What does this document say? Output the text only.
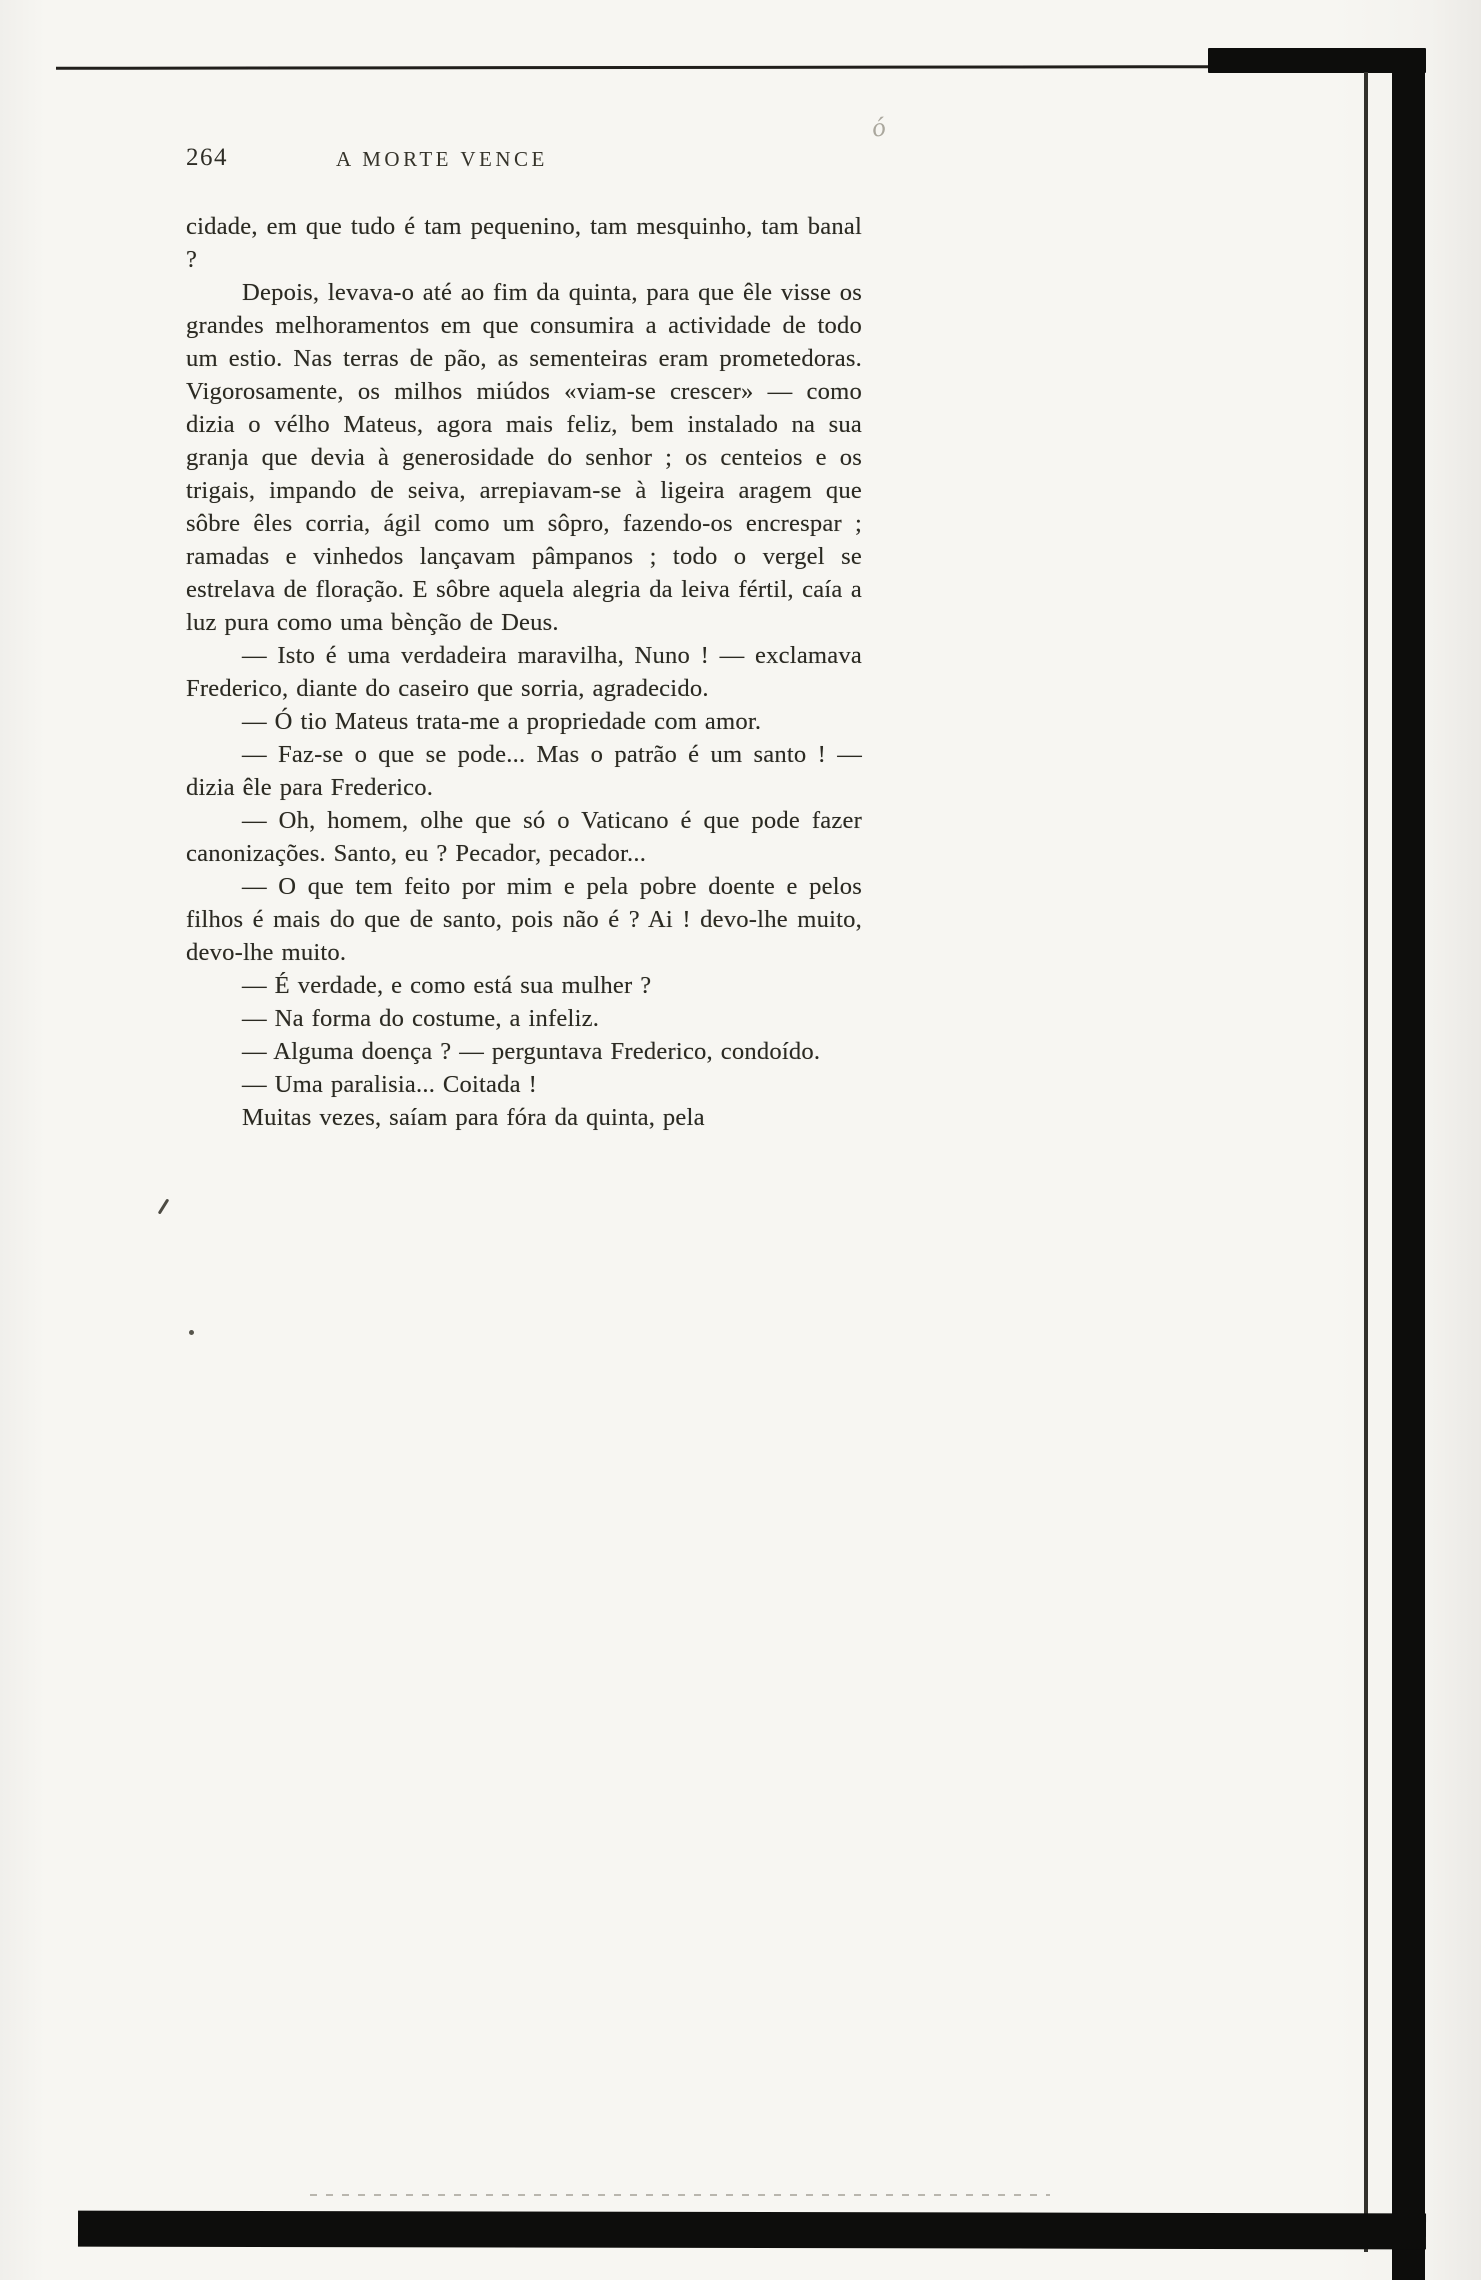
ó
264	A MORTE VENCE

cidade, em que tudo é tam pequenino, tam mesquinho, tam banal ?

Depois, levava-o até ao fim da quinta, para que êle visse os grandes melhoramentos em que consumira a actividade de todo um estio. Nas terras de pão, as sementeiras eram prometedoras. Vigorosamente, os milhos miúdos «viam-se crescer» — como dizia o vélho Mateus, agora mais feliz, bem instalado na sua granja que devia à generosidade do senhor ; os centeios e os trigais, impando de seiva, arrepiavam-se à ligeira aragem que sôbre êles corria, ágil como um sôpro, fazendo-os encrespar ; ramadas e vinhedos lançavam pâmpanos ; todo o vergel se estrelava de floração. E sôbre aquela alegria da leiva fértil, caía a luz pura como uma bènção de Deus.

— Isto é uma verdadeira maravilha, Nuno ! — exclamava Frederico, diante do caseiro que sorria, agradecido.

— Ó tio Mateus trata-me a propriedade com amor.

— Faz-se o que se pode... Mas o patrão é um santo ! — dizia êle para Frederico.

— Oh, homem, olhe que só o Vaticano é que pode fazer canonizações. Santo, eu ? Pecador, pecador...

— O que tem feito por mim e pela pobre doente e pelos filhos é mais do que de santo, pois não é ? Ai ! devo-lhe muito, devo-lhe muito.

— É verdade, e como está sua mulher ?

— Na forma do costume, a infeliz.

— Alguma doença ? — perguntava Frederico, condoído.

— Uma paralisia... Coitada !

Muitas vezes, saíam para fóra da quinta, pela
